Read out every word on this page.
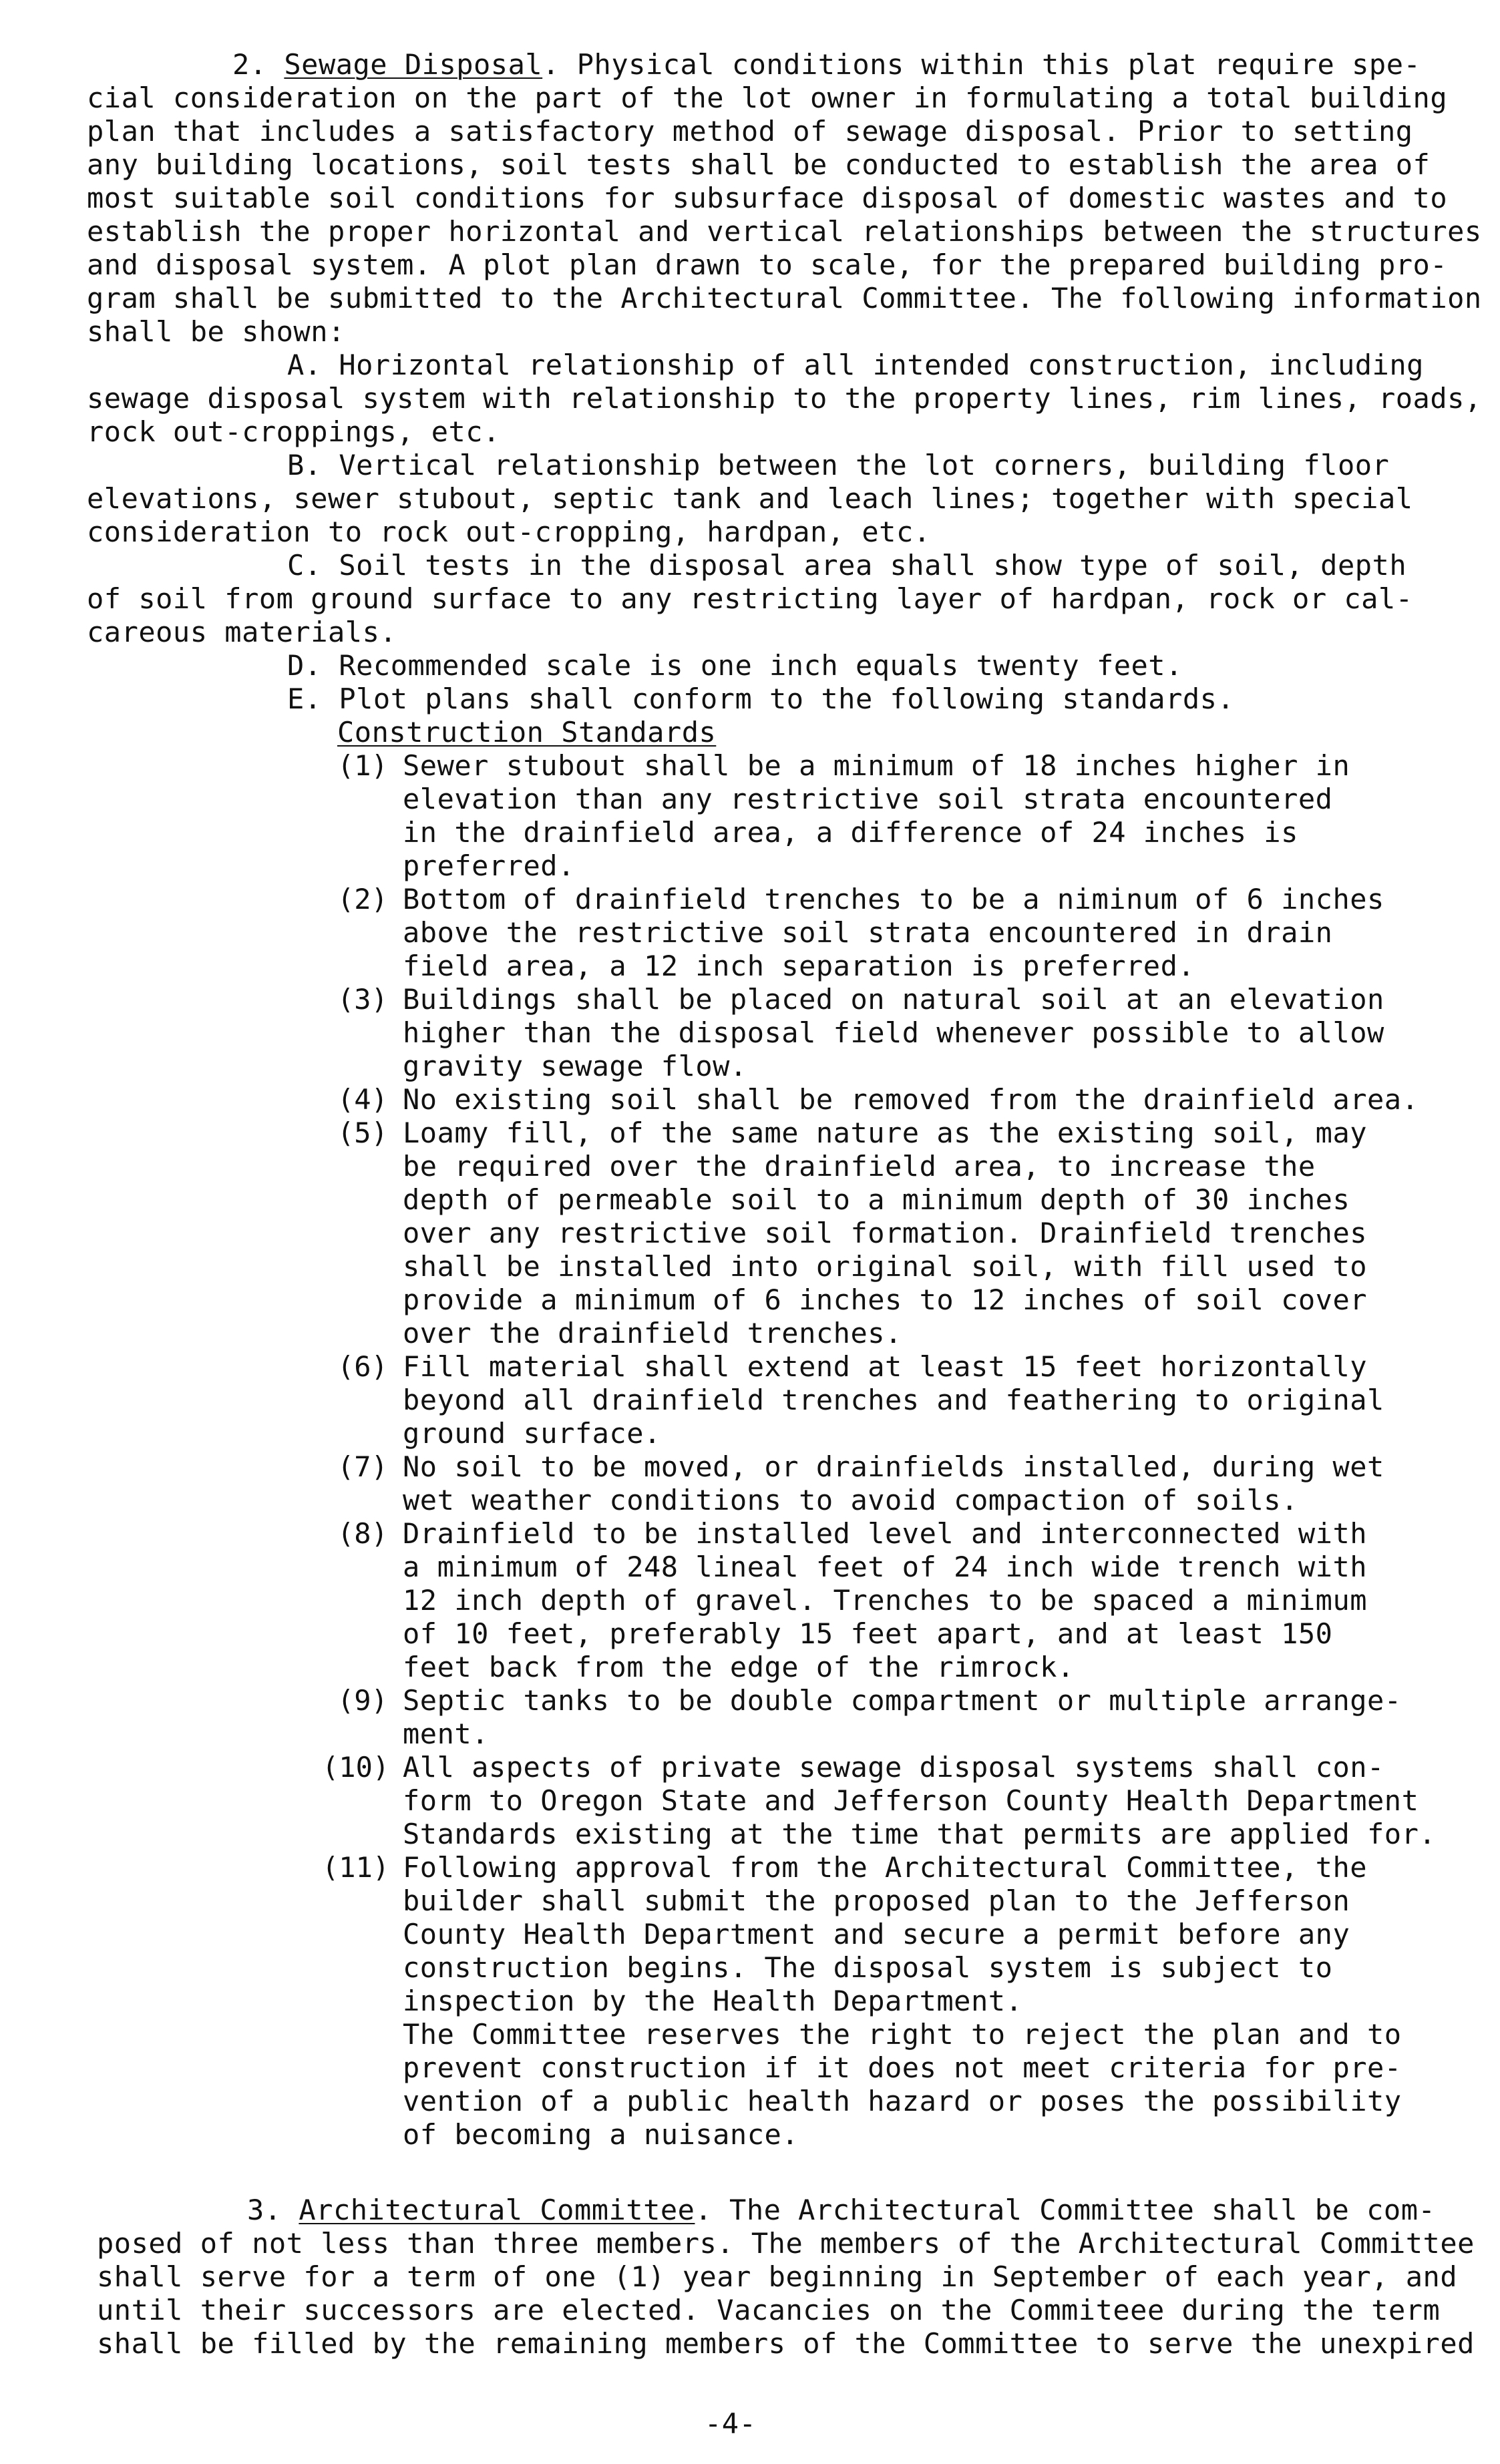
2. Sewage Disposal. Physical conditions within this plat require spe-
cial consideration on the part of the lot owner in formulating a total building
plan that includes a satisfactory method of sewage disposal. Prior to setting
any building locations, soil tests shall be conducted to establish the area of
most suitable soil conditions for subsurface disposal of domestic wastes and to
establish the proper horizontal and vertical relationships between the structures
and disposal system. A plot plan drawn to scale, for the prepared building pro-
gram shall be submitted to the Architectural Committee. The following information
shall be shown:
A. Horizontal relationship of all intended construction, including
sewage disposal system with relationship to the property lines, rim lines, roads,
rock out-croppings, etc.
B. Vertical relationship between the lot corners, building floor
elevations, sewer stubout, septic tank and leach lines; together with special
consideration to rock out-cropping, hardpan, etc.
C. Soil tests in the disposal area shall show type of soil, depth
of soil from ground surface to any restricting layer of hardpan, rock or cal-
careous materials.
D. Recommended scale is one inch equals twenty feet.
E. Plot plans shall conform to the following standards.
Construction Standards
(1) Sewer stubout shall be a minimum of 18 inches higher in
elevation than any restrictive soil strata encountered
in the drainfield area, a difference of 24 inches is
preferred.
(2) Bottom of drainfield trenches to be a niminum of 6 inches
above the restrictive soil strata encountered in drain
field area, a 12 inch separation is preferred.
(3) Buildings shall be placed on natural soil at an elevation
higher than the disposal field whenever possible to allow
gravity sewage flow.
(4) No existing soil shall be removed from the drainfield area.
(5) Loamy fill, of the same nature as the existing soil, may
be required over the drainfield area, to increase the
depth of permeable soil to a minimum depth of 30 inches
over any restrictive soil formation. Drainfield trenches
shall be installed into original soil, with fill used to
provide a minimum of 6 inches to 12 inches of soil cover
over the drainfield trenches.
(6) Fill material shall extend at least 15 feet horizontally
beyond all drainfield trenches and feathering to original
ground surface.
(7) No soil to be moved, or drainfields installed, during wet
wet weather conditions to avoid compaction of soils.
(8) Drainfield to be installed level and interconnected with
a minimum of 248 lineal feet of 24 inch wide trench with
12 inch depth of gravel. Trenches to be spaced a minimum
of 10 feet, preferably 15 feet apart, and at least 150
feet back from the edge of the rimrock.
(9) Septic tanks to be double compartment or multiple arrange-
ment.
(10) All aspects of private sewage disposal systems shall con-
form to Oregon State and Jefferson County Health Department
Standards existing at the time that permits are applied for.
(11) Following approval from the Architectural Committee, the
builder shall submit the proposed plan to the Jefferson
County Health Department and secure a permit before any
construction begins. The disposal system is subject to
inspection by the Health Department.
The Committee reserves the right to reject the plan and to
prevent construction if it does not meet criteria for pre-
vention of a public health hazard or poses the possibility
of becoming a nuisance.
3. Architectural Committee. The Architectural Committee shall be com-
posed of not less than three members. The members of the Architectural Committee
shall serve for a term of one (1) year beginning in September of each year, and
until their successors are elected. Vacancies on the Commiteee during the term
shall be filled by the remaining members of the Committee to serve the unexpired
-4-
